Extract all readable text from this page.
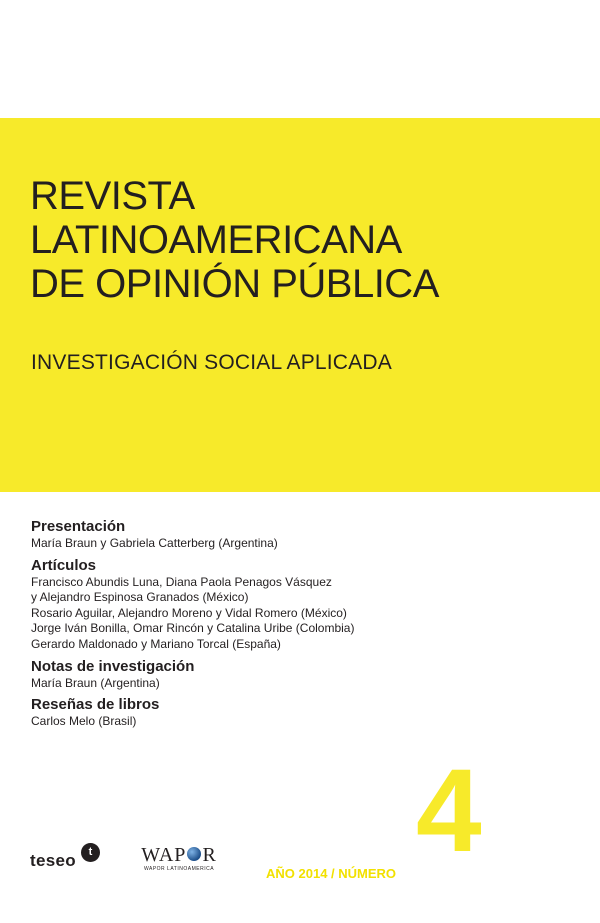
REVISTA
LATINOAMERICANA
DE OPINIÓN PÚBLICA
INVESTIGACIÓN SOCIAL APLICADA
Presentación
María Braun y Gabriela Catterberg (Argentina)
Artículos
Francisco Abundis Luna, Diana Paola Penagos Vásquez
y Alejandro Espinosa Granados (México)
Rosario Aguilar, Alejandro Moreno y Vidal Romero (México)
Jorge Iván Bonilla, Omar Rincón y Catalina Uribe (Colombia)
Gerardo Maldonado y Mariano Torcal (España)
Notas de investigación
María Braun (Argentina)
Reseñas de libros
Carlos Melo (Brasil)
teseo	t	WAP R
WAPOR LATINOAMERICA	AÑO 2014 / NÚMERO 4
